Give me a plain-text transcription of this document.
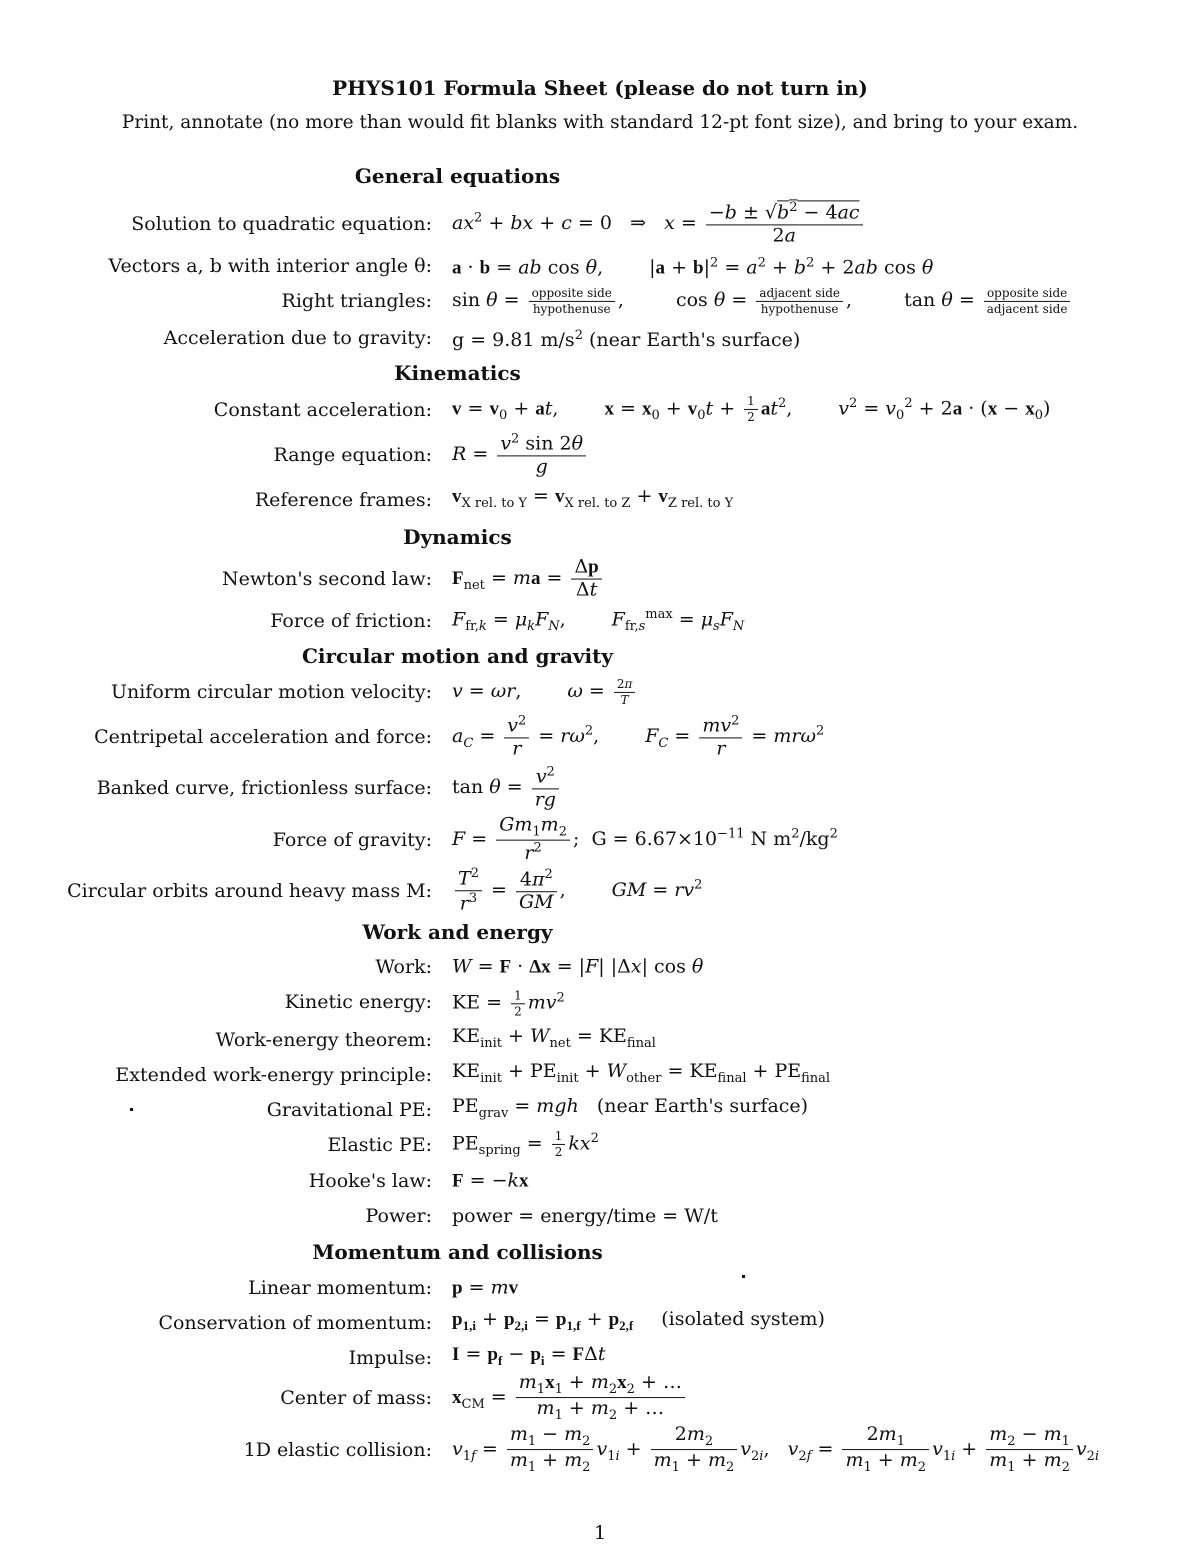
PHYS101 Formula Sheet (please do not turn in)
Print, annotate (no more than would fit blanks with standard 12-pt font size), and bring to your exam.
General equations
Solution to quadratic equation: $ax^2$ + bx + c = 0   ⇒   $x = \frac{-b \pm √b^2 - 4ac}{2a}$
Vectors a, b with interior angle θ: a · b = ab cos θ, $|a + b|^2 = a^2 + b^2 + 2ab$ cos θ
Right triangles: $\sin \theta = \frac{\text{opposite side}}{\text{hypothenuse}}$ , $\cos \theta = \frac{\text{adjacent side}}{\text{hypothenuse}}$ , $\tan \theta = \frac{\text{opposite side}}{\text{adjacent side}}$
Acceleration due to gravity: g = 9.81 $m/s^2$ (near Earth's surface)
Kinematics
Constant acceleration: $v = v_0$ + at, $x = x_0 + v_0t + \frac{1}{2} at^2$, $v^2 = v_0^2 + 2a \cdot (x - x_0)$
Range equation: $R = \frac{v^2 \sin 2\theta}{g}$
Reference frames: $v_{X rel. to Y} = v_{X rel. to Z} + v_{Z rel. to Y}$
Dynamics
Newton's second law: $F_{net}$ = ma = $\frac{\Delta p}{\Delta t}$
Force of friction: $F_{fr,k} = \mu_kF_N$, $F_{fr,s}^{max} = \mu_sF_N$
Circular motion and gravity
Uniform circular motion velocity: v = ωr, $\omega = \frac{2\pi}{T}$
Centripetal acceleration and force: $a_C = \frac{v^2}{r} = r\omega^2$, $F_C = \frac{mv^2}{r} = mr\omega^2$
Banked curve, frictionless surface: $\tan \theta = \frac{v^2}{rg}$
Force of gravity: $F = \frac{Gm_1m_2}{r^2}$ ;  $G = 6.67\times 10^{-11}$ N $m^2/kg^2$
Circular orbits around heavy mass M: $\frac{T^2}{r^3} = \frac{4\pi^2}{GM}$ , GM = $rv^2$
Work and energy
Work: W = F · Δx = |F| |Δx| cos θ
Kinetic energy: KE = $\frac{1}{2} mv^2$
Work-energy theorem: $KE_{init} + W_{net} = KE_{final}$
Extended work-energy principle: $KE_{init} + PE_{init} + W_{other} = KE_{final} + PE_{final}$
Gravitational PE: $PE_{grav}$ = mgh (near Earth's surface)
Elastic PE: $PE_{spring} = \frac{1}{2} kx^2$
Hooke's law: F = −kx
Power: power = energy/time = W/t
Momentum and collisions
Linear momentum: p = mv
Conservation of momentum: $p_{1,i} + p_{2,i} = p_{1,f} + p_{2,f}$ (isolated system)
Impulse: $I = p_f - p_i = F\Delta t$
Center of mass: $x_{CM} = \frac{m_1x_1 + m_2x_2 + \dots}{m_1 + m_2 + \dots}$
1D elastic collision: $v_{1f} = \frac{m_1 - m_2}{m_1 + m_2} v_{1i} + \frac{2m_2}{m_1 + m_2} v_{2i}$,   $v_{2f} = \frac{2m_1}{m_1 + m_2} v_{1i} + \frac{m_2 - m_1}{m_1 + m_2} v_{2i}$
1
